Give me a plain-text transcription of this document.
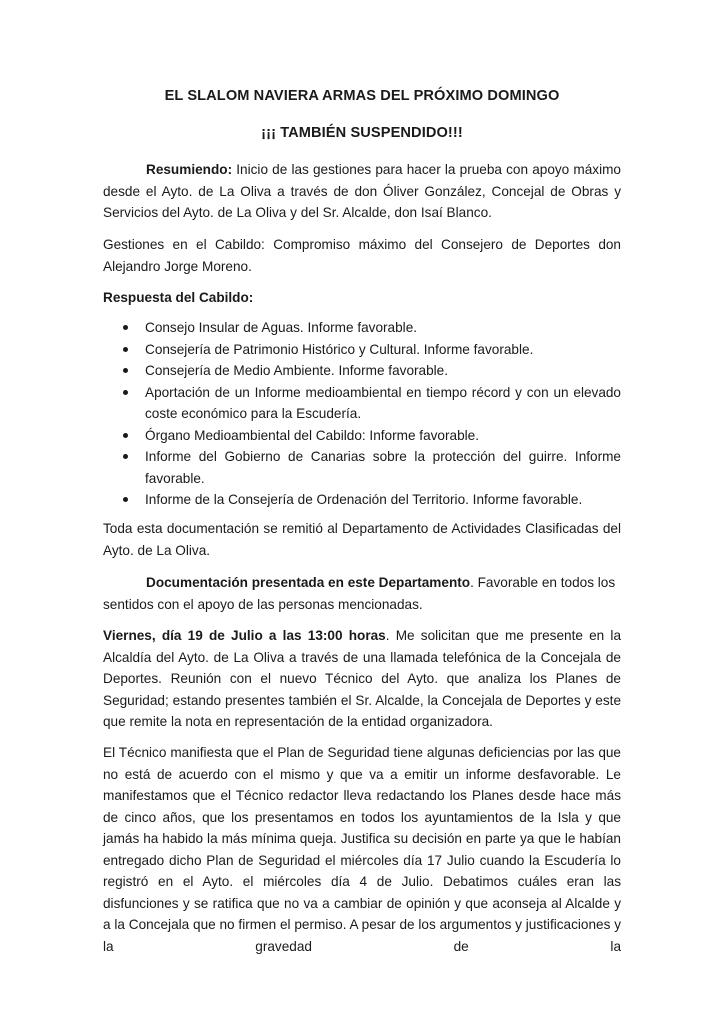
EL SLALOM NAVIERA ARMAS DEL PRÓXIMO DOMINGO
¡¡¡ TAMBIÉN SUSPENDIDO!!!

Resumiendo: Inicio de las gestiones para hacer la prueba con apoyo máximo desde el Ayto. de La Oliva a través de don Óliver González, Concejal de Obras y Servicios del Ayto. de La Oliva y del Sr. Alcalde, don Isaí Blanco.

Gestiones en el Cabildo: Compromiso máximo del Consejero de Deportes don Alejandro Jorge Moreno.

Respuesta del Cabildo:

Consejo Insular de Aguas. Informe favorable.
Consejería de Patrimonio Histórico y Cultural. Informe favorable.
Consejería de Medio Ambiente. Informe favorable.
Aportación de un Informe medioambiental en tiempo récord y con un elevado coste económico para la Escudería.
Órgano Medioambiental del Cabildo: Informe favorable.
Informe del Gobierno de Canarias sobre la protección del guirre. Informe favorable.
Informe de la Consejería de Ordenación del Territorio. Informe favorable.

Toda esta documentación se remitió al Departamento de Actividades Clasificadas del Ayto. de La Oliva.

Documentación presentada en este Departamento. Favorable en todos los sentidos con el apoyo de las personas mencionadas.

Viernes, día 19 de Julio a las 13:00 horas. Me solicitan que me presente en la Alcaldía del Ayto. de La Oliva a través de una llamada telefónica de la Concejala de Deportes. Reunión con el nuevo Técnico del Ayto. que analiza los Planes de Seguridad; estando presentes también el Sr. Alcalde, la Concejala de Deportes y este que remite la nota en representación de la entidad organizadora.

El Técnico manifiesta que el Plan de Seguridad tiene algunas deficiencias por las que no está de acuerdo con el mismo y que va a emitir un informe desfavorable. Le manifestamos que el Técnico redactor lleva redactando los Planes desde hace más de cinco años, que los presentamos en todos los ayuntamientos de la Isla y que jamás ha habido la más mínima queja. Justifica su decisión en parte ya que le habían entregado dicho Plan de Seguridad el miércoles día 17 Julio cuando la Escudería lo registró en el Ayto. el miércoles día 4 de Julio. Debatimos cuáles eran las disfunciones y se ratifica que no va a cambiar de opinión y que aconseja al Alcalde y a la Concejala que no firmen el permiso. A pesar de los argumentos y justificaciones y la gravedad de la
